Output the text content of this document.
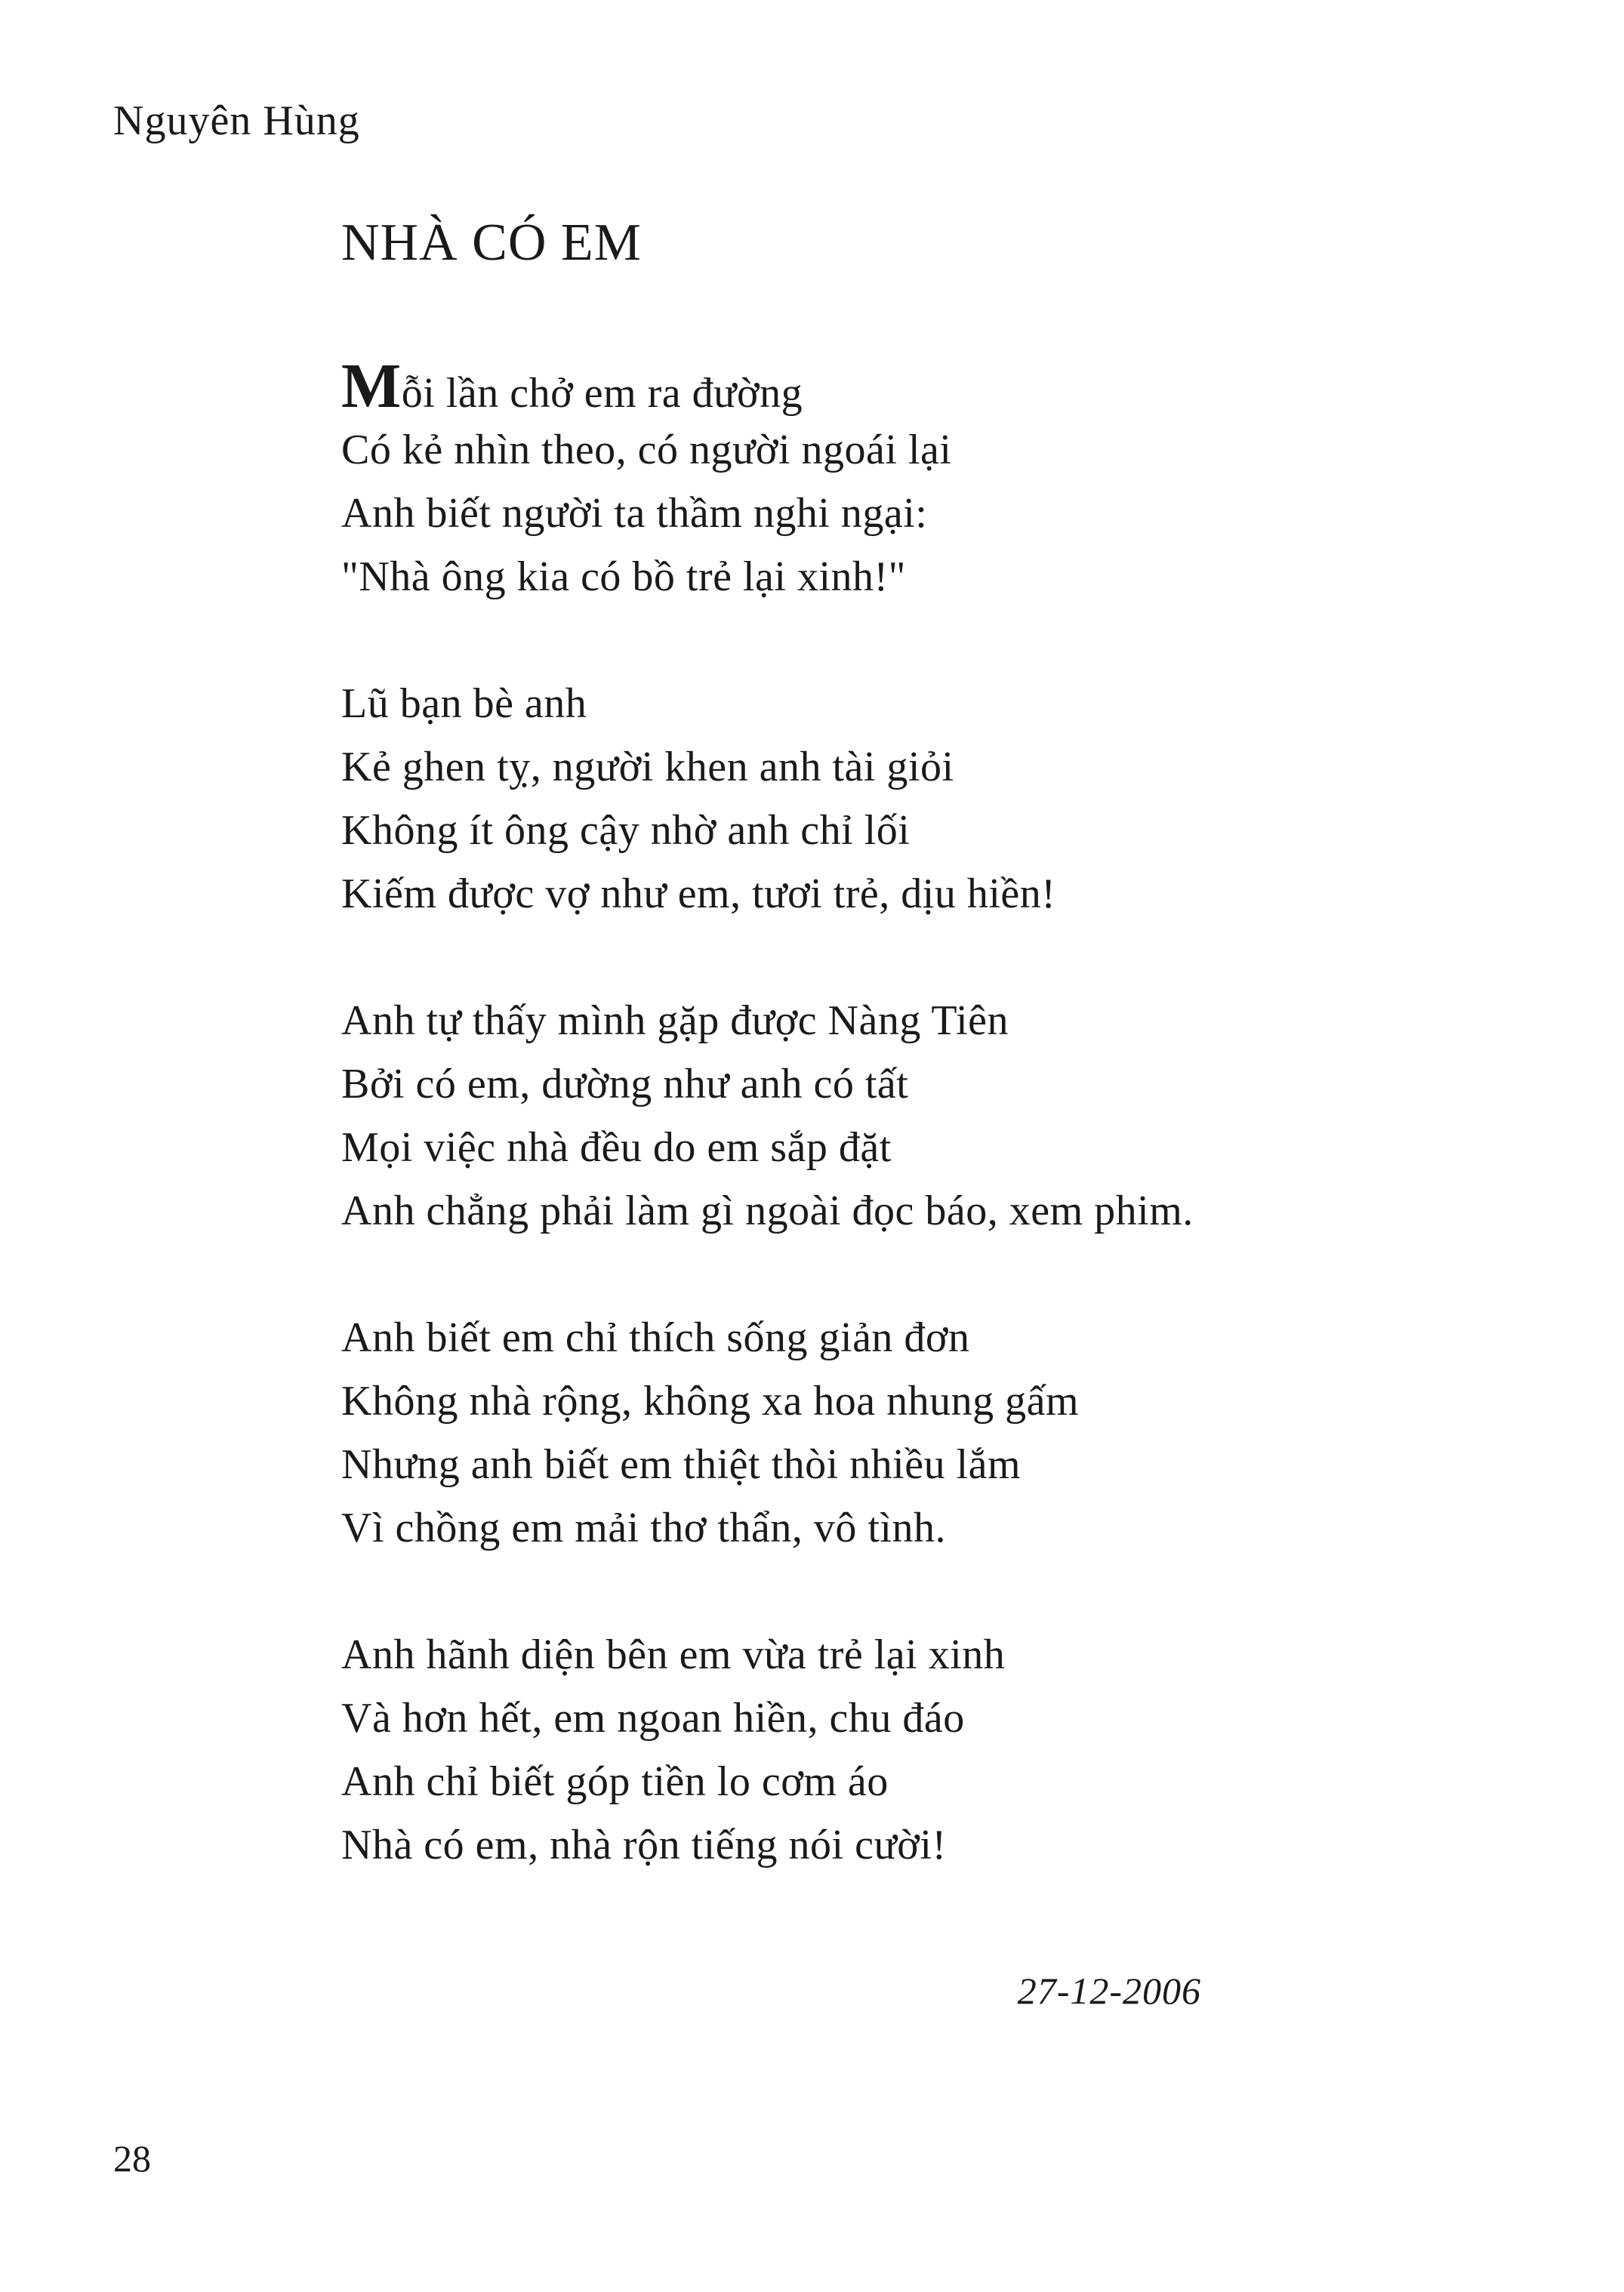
Nguyên Hùng
NHÀ CÓ EM
Mỗi lần chở em ra đường
Có kẻ nhìn theo, có người ngoái lại
Anh biết người ta thầm nghi ngại:
"Nhà ông kia có bồ trẻ lại xinh!"
Lũ bạn bè anh
Kẻ ghen tỵ, người khen anh tài giỏi
Không ít ông cậy nhờ anh chỉ lối
Kiếm được vợ như em, tươi trẻ, dịu hiền!
Anh tự thấy mình gặp được Nàng Tiên
Bởi có em, dường như anh có tất
Mọi việc nhà đều do em sắp đặt
Anh chẳng phải làm gì ngoài đọc báo, xem phim.
Anh biết em chỉ thích sống giản đơn
Không nhà rộng, không xa hoa nhung gấm
Nhưng anh biết em thiệt thòi nhiều lắm
Vì chồng em mải thơ thẩn, vô tình.
Anh hãnh diện bên em vừa trẻ lại xinh
Và hơn hết, em ngoan hiền, chu đáo
Anh chỉ biết góp tiền lo cơm áo
Nhà có em, nhà rộn tiếng nói cười!
27-12-2006
28
